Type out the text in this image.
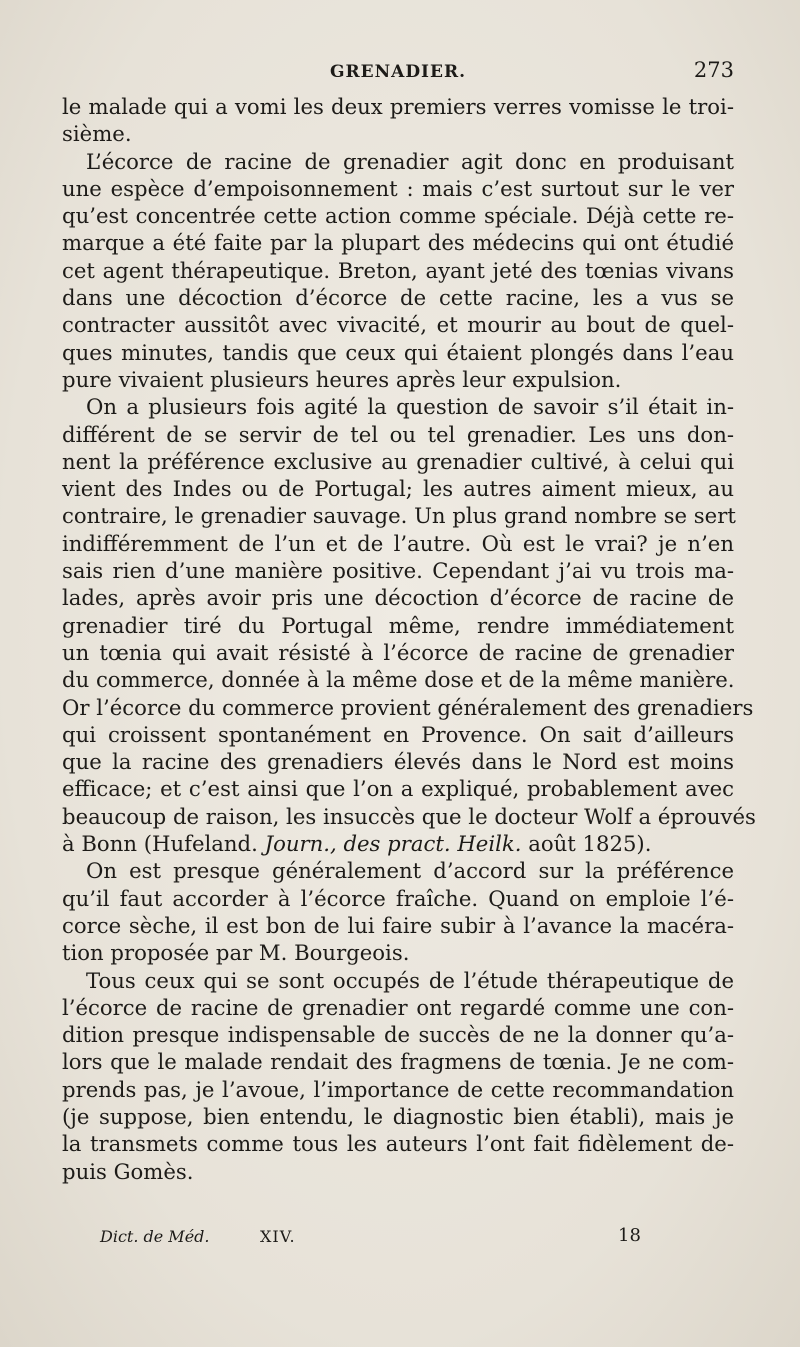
GRENADIER.	273

le malade qui a vomi les deux premiers verres vomisse le troi-
sième.

L’écorce de racine de grenadier agit donc en produisant
une espèce d’empoisonnement : mais c’est surtout sur le ver
qu’est concentrée cette action comme spéciale. Déjà cette re-
marque a été faite par la plupart des médecins qui ont étudié
cet agent thérapeutique. Breton, ayant jeté des tœnias vivans
dans une décoction d’écorce de cette racine, les a vus se
contracter aussitôt avec vivacité, et mourir au bout de quel-
ques minutes, tandis que ceux qui étaient plongés dans l’eau
pure vivaient plusieurs heures après leur expulsion.

On a plusieurs fois agité la question de savoir s’il était in-
différent de se servir de tel ou tel grenadier. Les uns don-
nent la préférence exclusive au grenadier cultivé, à celui qui
vient des Indes ou de Portugal; les autres aiment mieux, au
contraire, le grenadier sauvage. Un plus grand nombre se sert
indifféremment de l’un et de l’autre. Où est le vrai? je n’en
sais rien d’une manière positive. Cependant j’ai vu trois ma-
lades, après avoir pris une décoction d’écorce de racine de
grenadier tiré du Portugal même, rendre immédiatement
un tœnia qui avait résisté à l’écorce de racine de grenadier
du commerce, donnée à la même dose et de la même manière.
Or l’écorce du commerce provient généralement des grenadiers
qui croissent spontanément en Provence. On sait d’ailleurs
que la racine des grenadiers élevés dans le Nord est moins
efficace; et c’est ainsi que l’on a expliqué, probablement avec
beaucoup de raison, les insuccès que le docteur Wolf a éprouvés
à Bonn (Hufeland. Journ., des pract. Heilk. août 1825).

On est presque généralement d’accord sur la préférence
qu’il faut accorder à l’écorce fraîche. Quand on emploie l’é-
corce sèche, il est bon de lui faire subir à l’avance la macéra-
tion proposée par M. Bourgeois.

Tous ceux qui se sont occupés de l’étude thérapeutique de
l’écorce de racine de grenadier ont regardé comme une con-
dition presque indispensable de succès de ne la donner qu’a-
lors que le malade rendait des fragmens de tœnia. Je ne com-
prends pas, je l’avoue, l’importance de cette recommandation
(je suppose, bien entendu, le diagnostic bien établi), mais je
la transmets comme tous les auteurs l’ont fait fidèlement de-
puis Gomès.

Dict. de Méd.	XIV.	18
